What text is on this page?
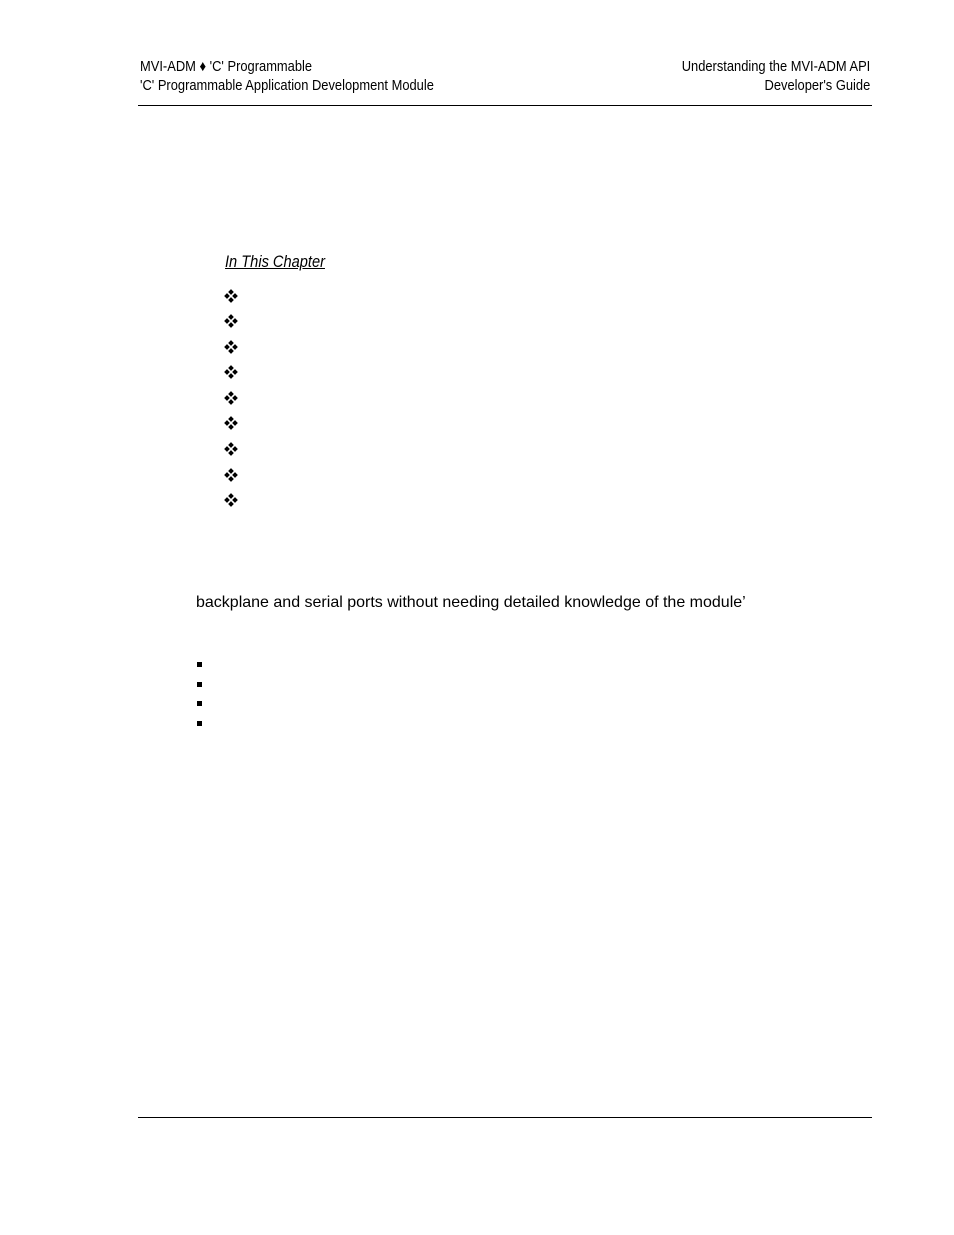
MVI-ADM ♦ 'C' Programmable
'C' Programmable Application Development Module
Understanding the MVI-ADM API
Developer's Guide
In This Chapter
backplane and serial ports without needing detailed knowledge of the module’
